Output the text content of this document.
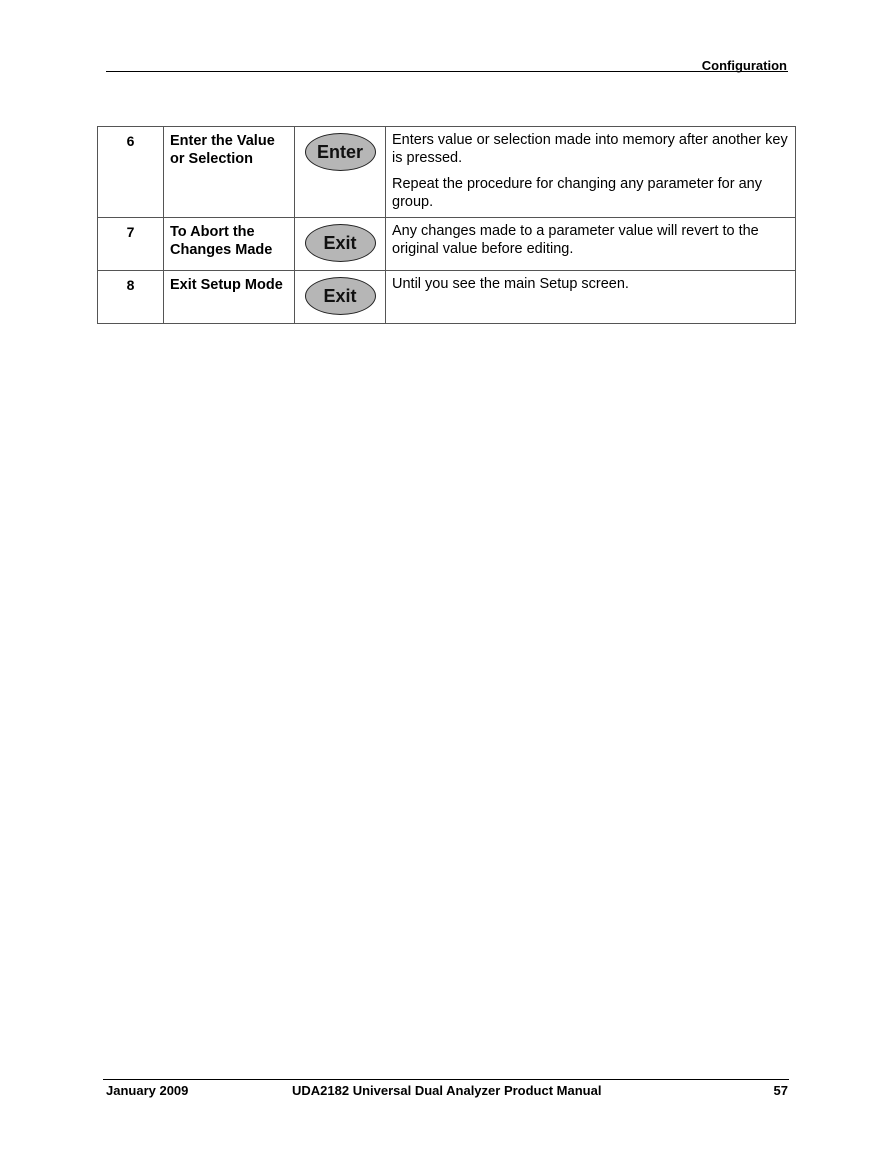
Configuration
6	Enter the Value or Selection	Enter	Enters value or selection made into memory after another key is pressed.

Repeat the procedure for changing any parameter for any group.

7	To Abort the Changes Made	Exit	Any changes made to a parameter value will revert to the original value before editing.

8	Exit Setup Mode	Exit	Until you see the main Setup screen.

January 2009	UDA2182 Universal Dual Analyzer Product Manual	57
